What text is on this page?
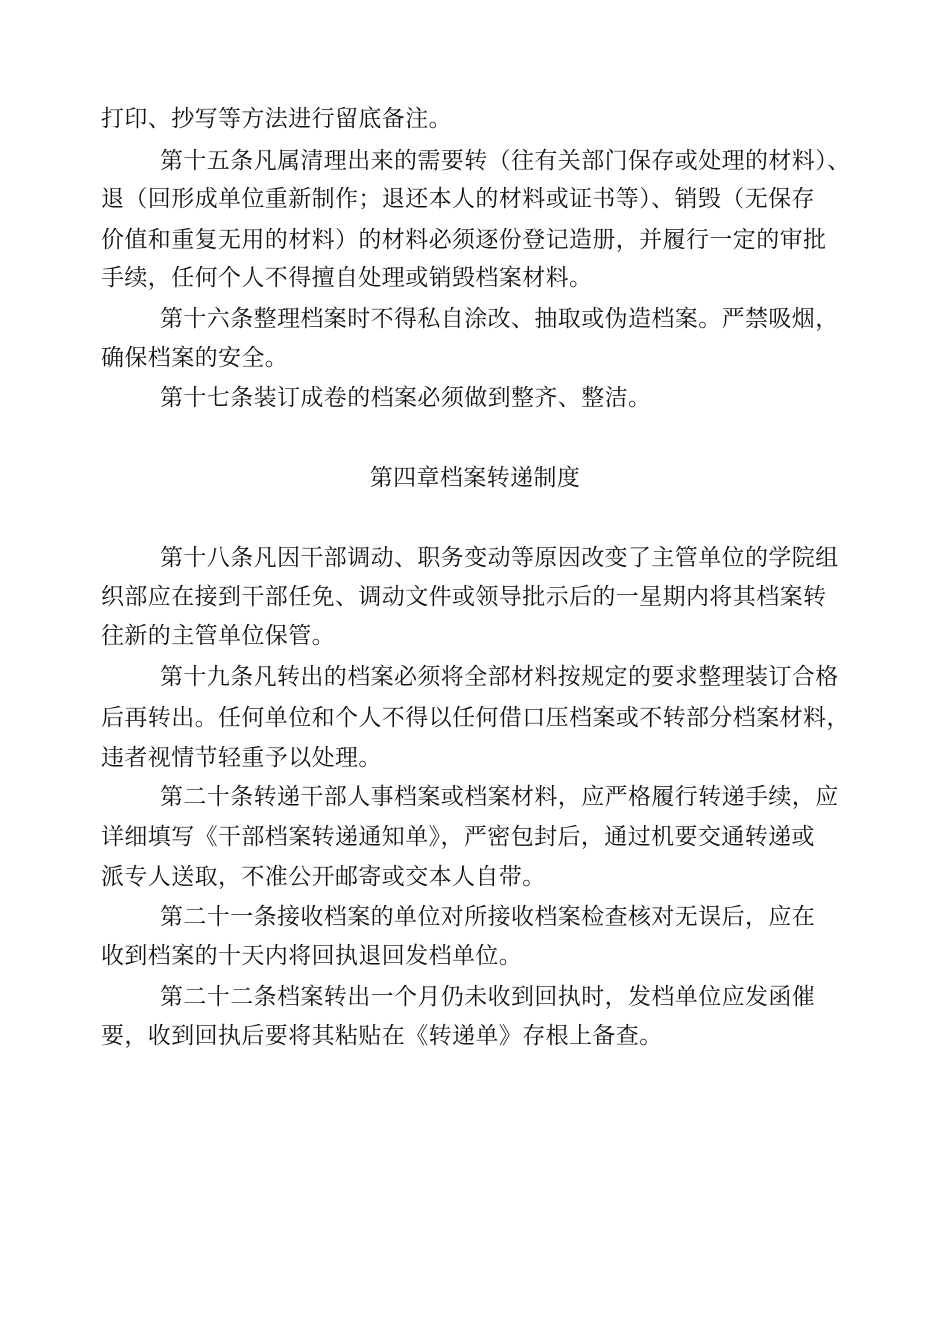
打印、抄写等方法进行留底备注。
第十五条凡属清理出来的需要转（往有关部门保存或处理的材料）、
退（回形成单位重新制作；退还本人的材料或证书等）、销毁（无保存
价值和重复无用的材料）的材料必须逐份登记造册，并履行一定的审批
手续，任何个人不得擅自处理或销毁档案材料。
第十六条整理档案时不得私自涂改、抽取或伪造档案。严禁吸烟，
确保档案的安全。
第十七条装订成卷的档案必须做到整齐、整洁。
第四章档案转递制度
第十八条凡因干部调动、职务变动等原因改变了主管单位的学院组
织部应在接到干部任免、调动文件或领导批示后的一星期内将其档案转
往新的主管单位保管。
第十九条凡转出的档案必须将全部材料按规定的要求整理装订合格
后再转出。任何单位和个人不得以任何借口压档案或不转部分档案材料，
违者视情节轻重予以处理。
第二十条转递干部人事档案或档案材料，应严格履行转递手续，应
详细填写《干部档案转递通知单》，严密包封后，通过机要交通转递或
派专人送取，不准公开邮寄或交本人自带。
第二十一条接收档案的单位对所接收档案检查核对无误后，应在
收到档案的十天内将回执退回发档单位。
第二十二条档案转出一个月仍未收到回执时，发档单位应发函催
要，收到回执后要将其粘贴在《转递单》存根上备查。
